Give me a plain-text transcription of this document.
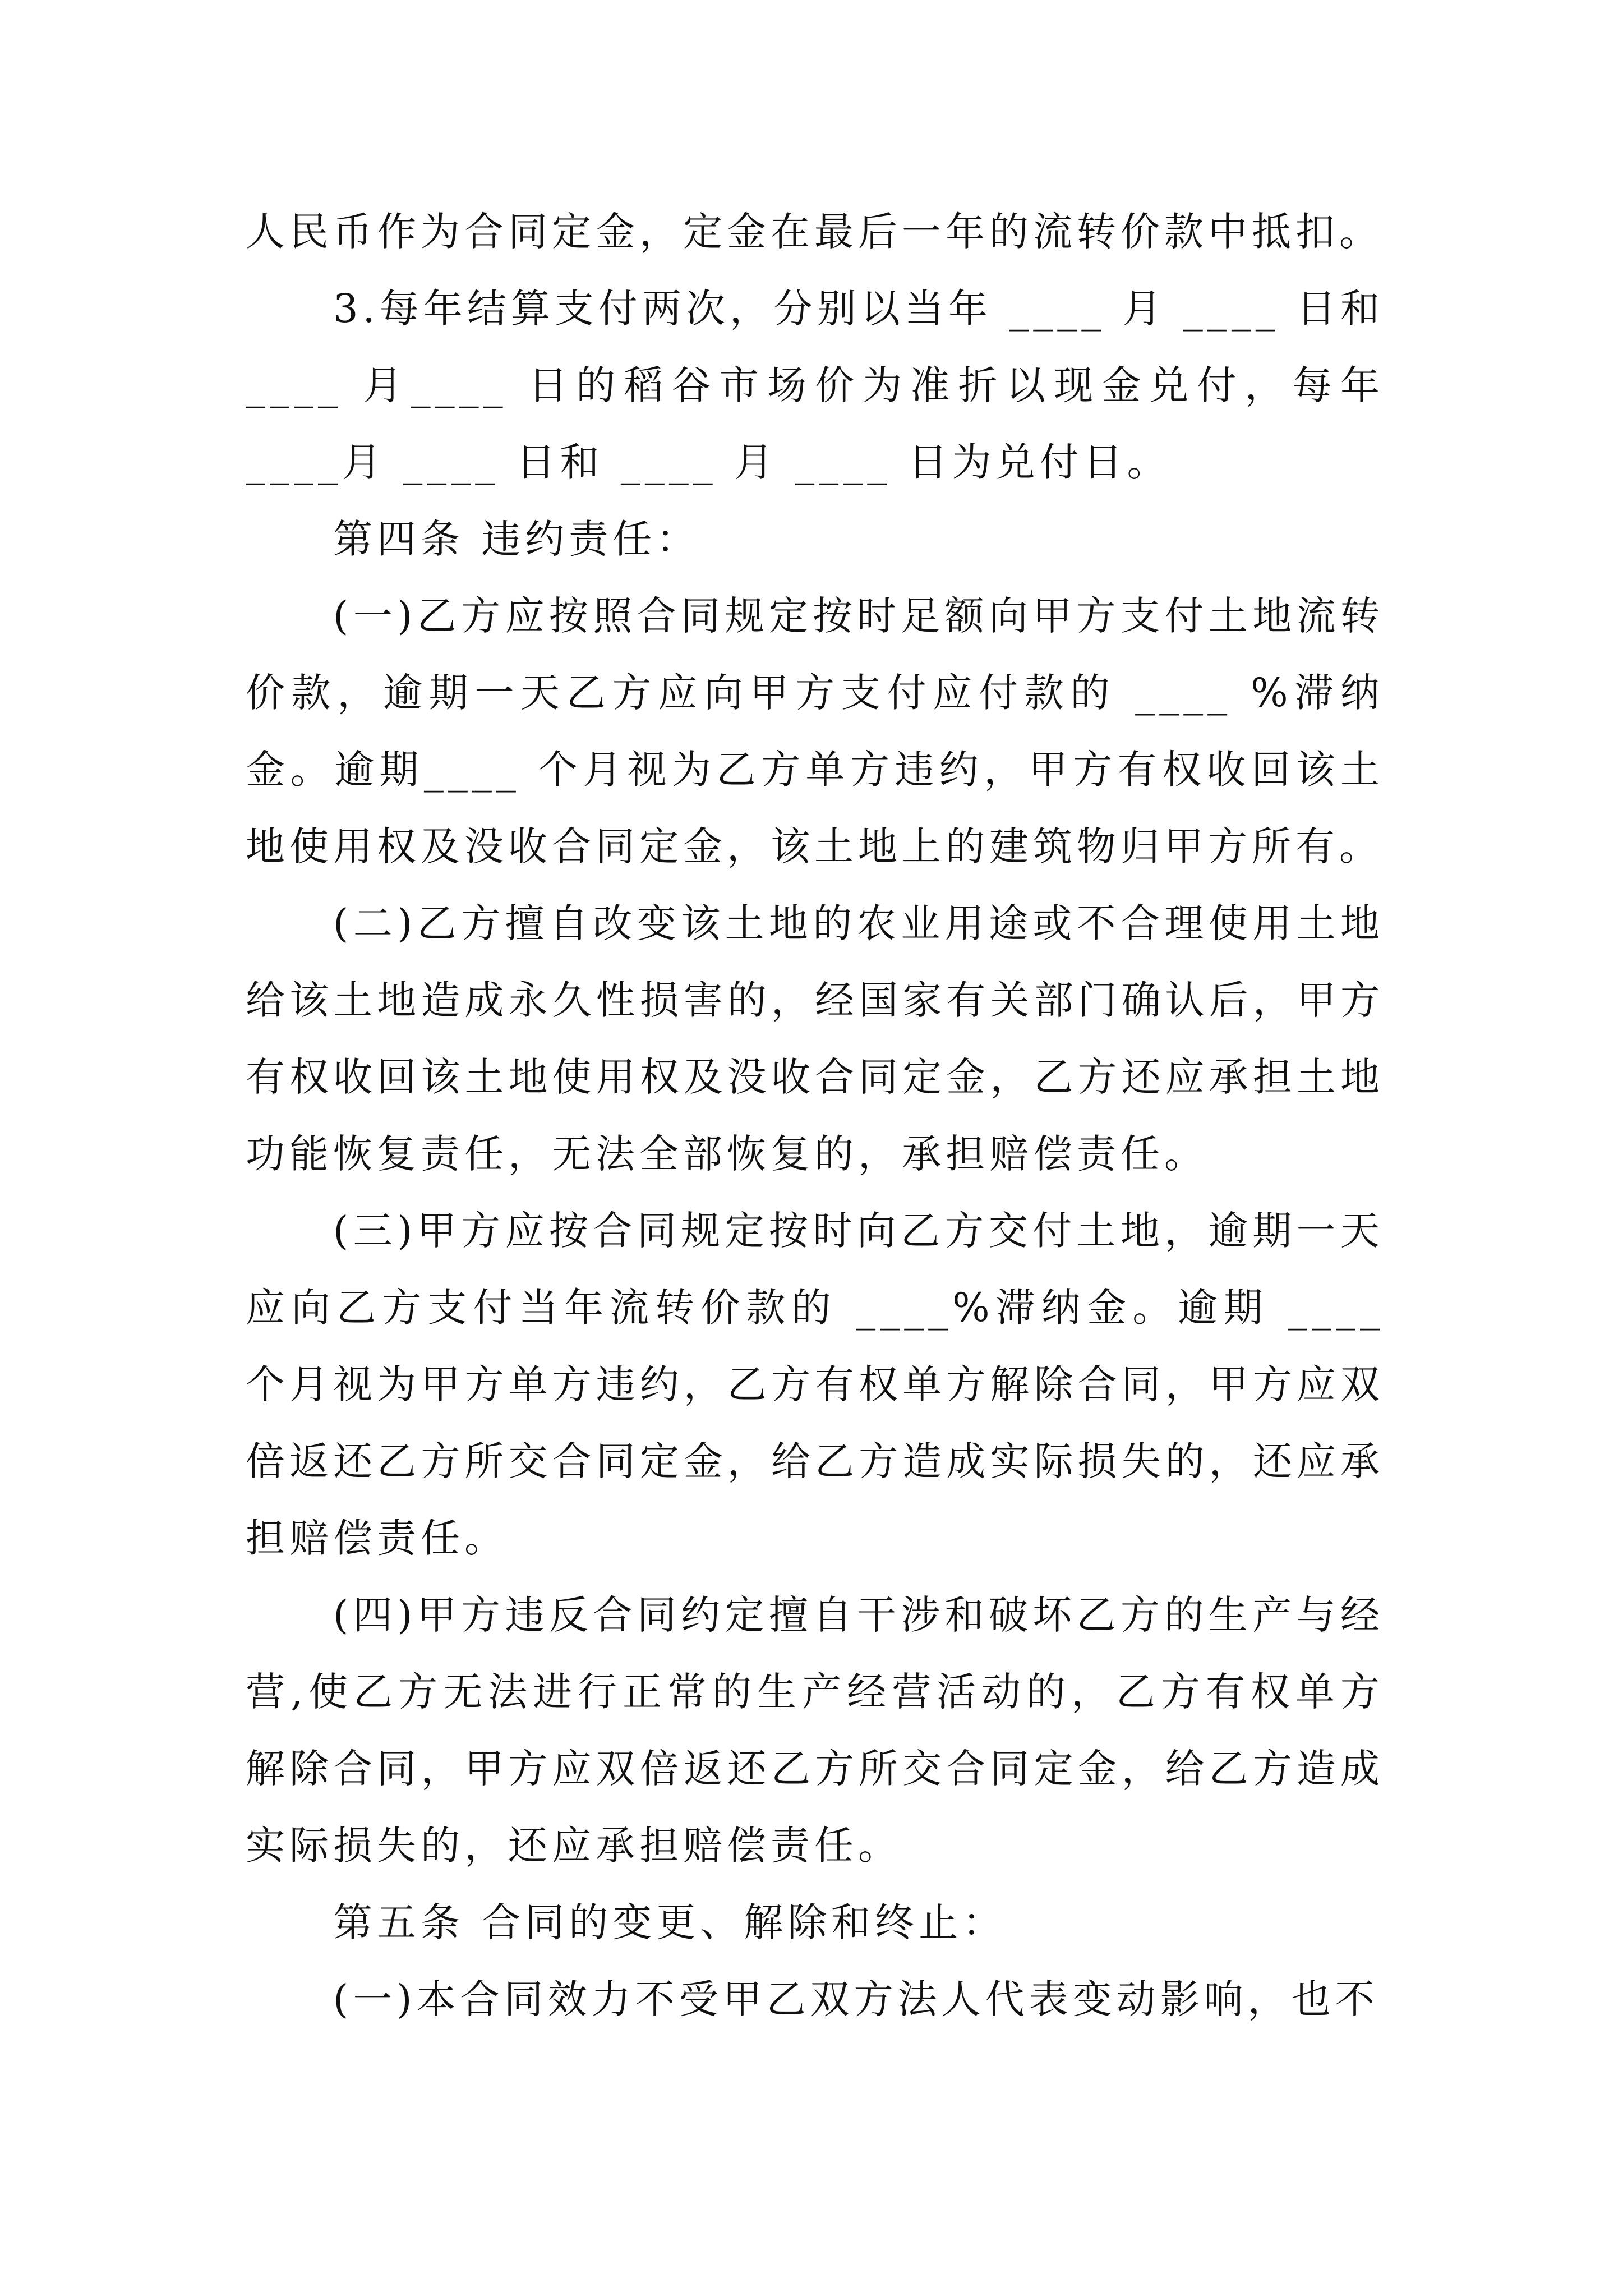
人民币作为合同定金，定金在最后一年的流转价款中抵扣。

3.每年结算支付两次，分别以当年 ____ 月 ____ 日和 ____ 月____ 日的稻谷市场价为准折以现金兑付，每年____月 ____ 日和 ____ 月 ____ 日为兑付日。

第四条 违约责任：

(一)乙方应按照合同规定按时足额向甲方支付土地流转价款，逾期一天乙方应向甲方支付应付款的 ____ %滞纳金。逾期____ 个月视为乙方单方违约，甲方有权收回该土地使用权及没收合同定金，该土地上的建筑物归甲方所有。

(二)乙方擅自改变该土地的农业用途或不合理使用土地给该土地造成永久性损害的，经国家有关部门确认后，甲方有权收回该土地使用权及没收合同定金，乙方还应承担土地功能恢复责任，无法全部恢复的，承担赔偿责任。

(三)甲方应按合同规定按时向乙方交付土地，逾期一天应向乙方支付当年流转价款的 ____%滞纳金。逾期 ____ 个月视为甲方单方违约，乙方有权单方解除合同，甲方应双倍返还乙方所交合同定金，给乙方造成实际损失的，还应承担赔偿责任。

(四)甲方违反合同约定擅自干涉和破坏乙方的生产与经营,使乙方无法进行正常的生产经营活动的，乙方有权单方解除合同，甲方应双倍返还乙方所交合同定金，给乙方造成实际损失的，还应承担赔偿责任。

第五条 合同的变更、解除和终止：

(一)本合同效力不受甲乙双方法人代表变动影响，也不
